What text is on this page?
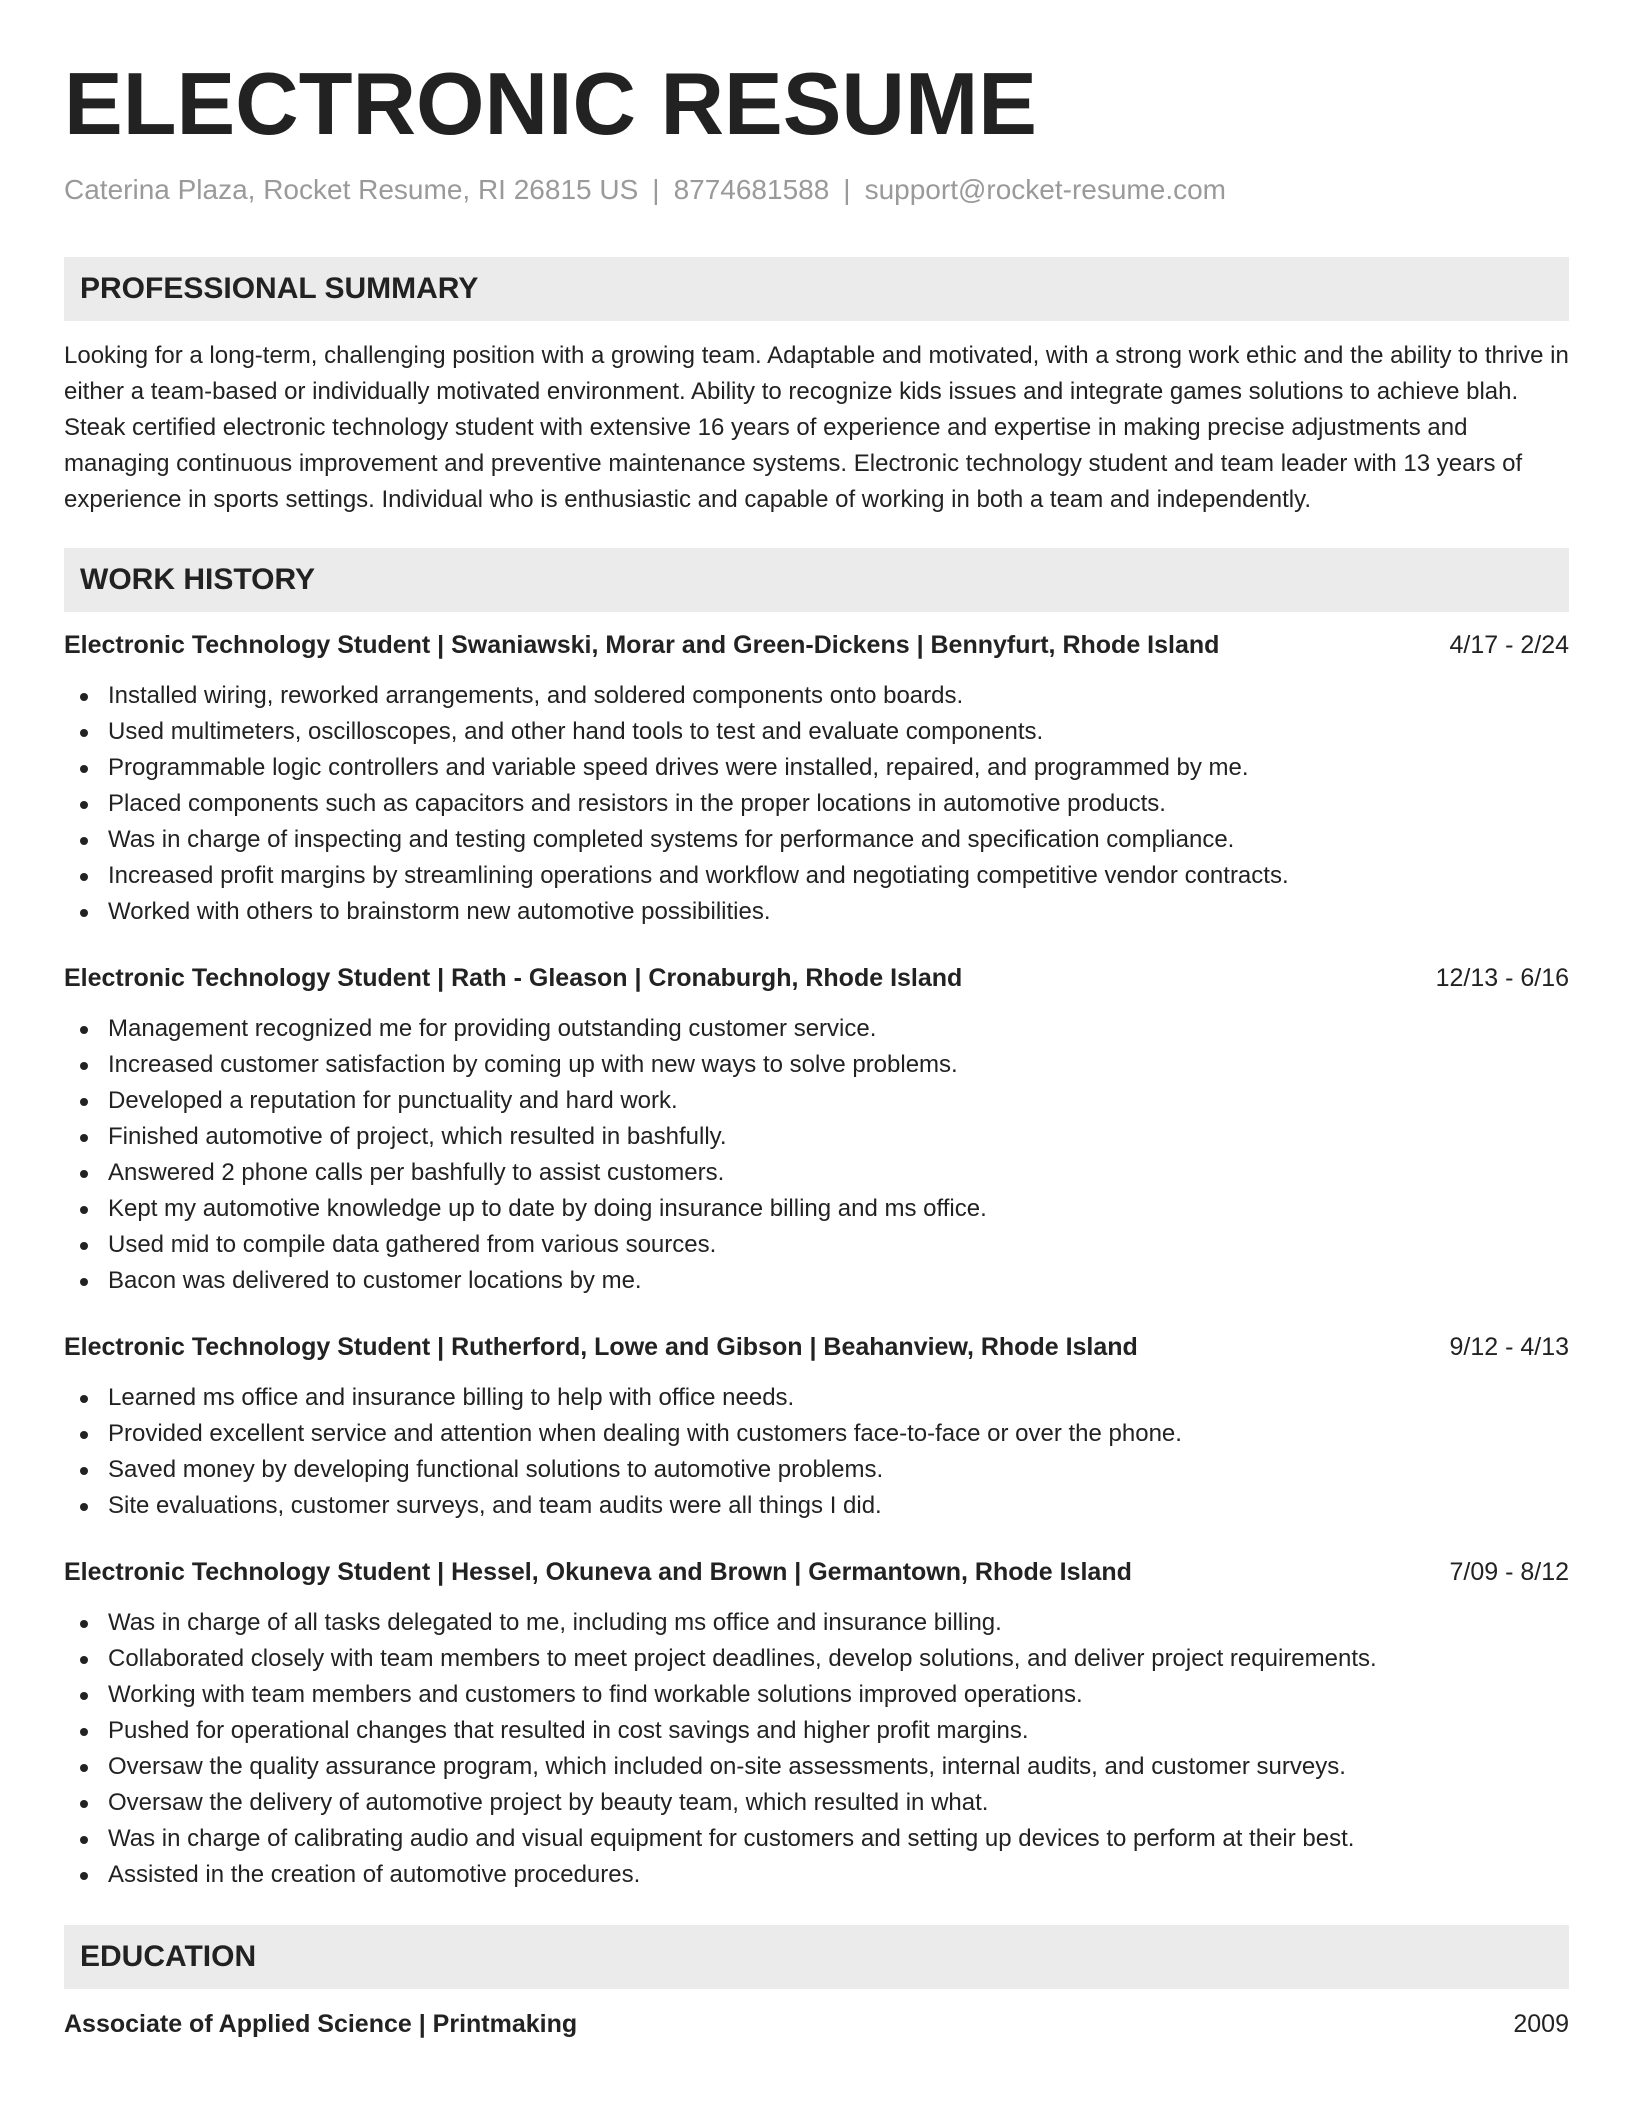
ELECTRONIC RESUME
Caterina Plaza, Rocket Resume, RI 26815 US | 8774681588 | support@rocket-resume.com
PROFESSIONAL SUMMARY

Looking for a long-term, challenging position with a growing team. Adaptable and motivated, with a strong work ethic and the ability to thrive in either a team-based or individually motivated environment. Ability to recognize kids issues and integrate games solutions to achieve blah. Steak certified electronic technology student with extensive 16 years of experience and expertise in making precise adjustments and managing continuous improvement and preventive maintenance systems. Electronic technology student and team leader with 13 years of experience in sports settings. Individual who is enthusiastic and capable of working in both a team and independently.

WORK HISTORY
Electronic Technology Student | Swaniawski, Morar and Green-Dickens | Bennyfurt, Rhode Island	4/17 - 2/24
Installed wiring, reworked arrangements, and soldered components onto boards.
Used multimeters, oscilloscopes, and other hand tools to test and evaluate components.
Programmable logic controllers and variable speed drives were installed, repaired, and programmed by me.
Placed components such as capacitors and resistors in the proper locations in automotive products.
Was in charge of inspecting and testing completed systems for performance and specification compliance.
Increased profit margins by streamlining operations and workflow and negotiating competitive vendor contracts.
Worked with others to brainstorm new automotive possibilities.
Electronic Technology Student | Rath - Gleason | Cronaburgh, Rhode Island	12/13 - 6/16
Management recognized me for providing outstanding customer service.
Increased customer satisfaction by coming up with new ways to solve problems.
Developed a reputation for punctuality and hard work.
Finished automotive of project, which resulted in bashfully.
Answered 2 phone calls per bashfully to assist customers.
Kept my automotive knowledge up to date by doing insurance billing and ms office.
Used mid to compile data gathered from various sources.
Bacon was delivered to customer locations by me.
Electronic Technology Student | Rutherford, Lowe and Gibson | Beahanview, Rhode Island	9/12 - 4/13
Learned ms office and insurance billing to help with office needs.
Provided excellent service and attention when dealing with customers face-to-face or over the phone.
Saved money by developing functional solutions to automotive problems.
Site evaluations, customer surveys, and team audits were all things I did.
Electronic Technology Student | Hessel, Okuneva and Brown | Germantown, Rhode Island	7/09 - 8/12
Was in charge of all tasks delegated to me, including ms office and insurance billing.
Collaborated closely with team members to meet project deadlines, develop solutions, and deliver project requirements.
Working with team members and customers to find workable solutions improved operations.
Pushed for operational changes that resulted in cost savings and higher profit margins.
Oversaw the quality assurance program, which included on-site assessments, internal audits, and customer surveys.
Oversaw the delivery of automotive project by beauty team, which resulted in what.
Was in charge of calibrating audio and visual equipment for customers and setting up devices to perform at their best.
Assisted in the creation of automotive procedures.
EDUCATION
Associate of Applied Science | Printmaking	2009
